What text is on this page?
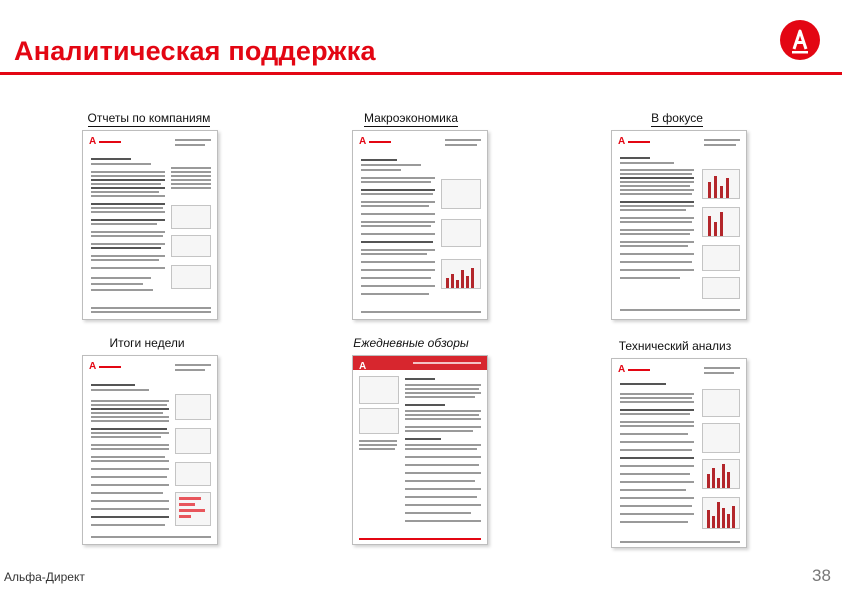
Аналитическая поддержка
Отчеты по компаниям	Макроэкономика	В фокусе
Итоги недели	Ежедневные обзоры	Технический анализ
A	A	A
A	A	A
Альфа-Директ	38
